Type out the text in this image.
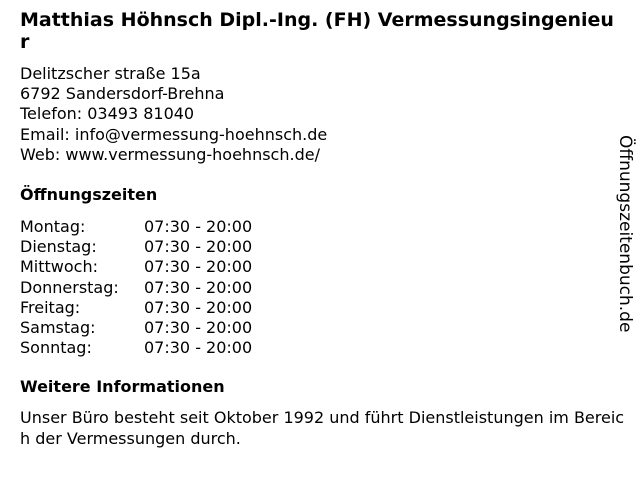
Matthias Höhnsch Dipl.-Ing. (FH) Vermessungsingenieur
Delitzscher straße 15a
6792 Sandersdorf-Brehna
Telefon: 03493 81040
Email: info@vermessung-hoehnsch.de
Web: www.vermessung-hoehnsch.de/
Öffnungszeiten
Montag:	07:30 - 20:00
Dienstag:	07:30 - 20:00
Mittwoch:	07:30 - 20:00
Donnerstag:	07:30 - 20:00
Freitag:	07:30 - 20:00
Samstag:	07:30 - 20:00
Sonntag:	07:30 - 20:00
Weitere Informationen
Unser Büro besteht seit Oktober 1992 und führt Dienstleistungen im Bereich der Vermessungen durch.
Öffnungszeitenbuch.de
